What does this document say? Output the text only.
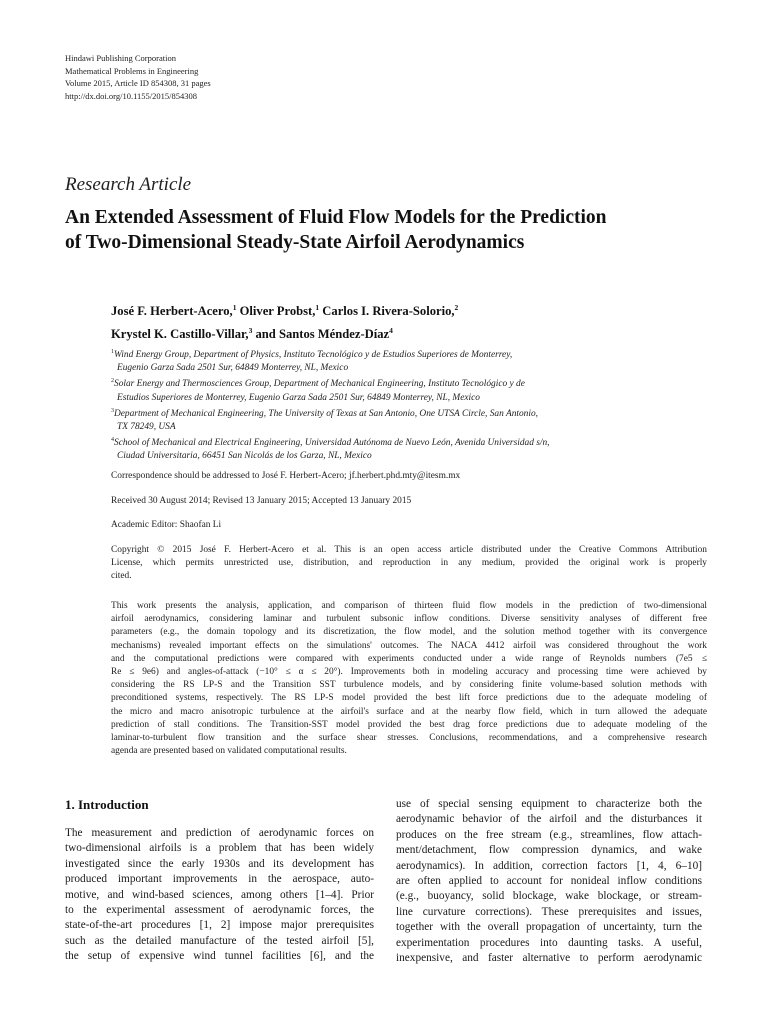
Hindawi Publishing Corporation
Mathematical Problems in Engineering
Volume 2015, Article ID 854308, 31 pages
http://dx.doi.org/10.1155/2015/854308
Research Article
An Extended Assessment of Fluid Flow Models for the Prediction
of Two-Dimensional Steady-State Airfoil Aerodynamics
José F. Herbert-Acero,$^1$ Oliver Probst,$^1$ Carlos I. Rivera-Solorio,$^2$
Krystel K. Castillo-Villar,$^3$ and Santos Méndez-Díaz$^4$
$^1$Wind Energy Group, Department of Physics, Instituto Tecnológico y de Estudios Superiores de Monterrey,
Eugenio Garza Sada 2501 Sur, 64849 Monterrey, NL, Mexico
$^2$Solar Energy and Thermosciences Group, Department of Mechanical Engineering, Instituto Tecnológico y de
Estudios Superiores de Monterrey, Eugenio Garza Sada 2501 Sur, 64849 Monterrey, NL, Mexico
$^3$Department of Mechanical Engineering, The University of Texas at San Antonio, One UTSA Circle, San Antonio,
TX 78249, USA
$^4$School of Mechanical and Electrical Engineering, Universidad Autónoma de Nuevo León, Avenida Universidad s/n,
Ciudad Universitaria, 66451 San Nicolás de los Garza, NL, Mexico
Correspondence should be addressed to José F. Herbert-Acero; jf.herbert.phd.mty@itesm.mx
Received 30 August 2014; Revised 13 January 2015; Accepted 13 January 2015
Academic Editor: Shaofan Li
Copyright © 2015 José F. Herbert-Acero et al. This is an open access article distributed under the Creative Commons Attribution
License, which permits unrestricted use, distribution, and reproduction in any medium, provided the original work is properly
cited.
This work presents the analysis, application, and comparison of thirteen fluid flow models in the prediction of two-dimensional
airfoil aerodynamics, considering laminar and turbulent subsonic inflow conditions. Diverse sensitivity analyses of different free
parameters (e.g., the domain topology and its discretization, the flow model, and the solution method together with its convergence
mechanisms) revealed important effects on the simulations' outcomes. The NACA 4412 airfoil was considered throughout the work
and the computational predictions were compared with experiments conducted under a wide range of Reynolds numbers (7e5 ≤
Re ≤ 9e6) and angles-of-attack (−10° ≤ α ≤ 20°). Improvements both in modeling accuracy and processing time were achieved by
considering the RS LP-S and the Transition SST turbulence models, and by considering finite volume-based solution methods with
preconditioned systems, respectively. The RS LP-S model provided the best lift force predictions due to the adequate modeling of
the micro and macro anisotropic turbulence at the airfoil's surface and at the nearby flow field, which in turn allowed the adequate
prediction of stall conditions. The Transition-SST model provided the best drag force predictions due to adequate modeling of the
laminar-to-turbulent flow transition and the surface shear stresses. Conclusions, recommendations, and a comprehensive research
agenda are presented based on validated computational results.
1. Introduction
The measurement and prediction of aerodynamic forces on
two-dimensional airfoils is a problem that has been widely
investigated since the early 1930s and its development has
produced important improvements in the aerospace, auto-
motive, and wind-based sciences, among others [1–4]. Prior
to the experimental assessment of aerodynamic forces, the
state-of-the-art procedures [1, 2] impose major prerequisites
such as the detailed manufacture of the tested airfoil [5],
the setup of expensive wind tunnel facilities [6], and the
use of special sensing equipment to characterize both the
aerodynamic behavior of the airfoil and the disturbances it
produces on the free stream (e.g., streamlines, flow attach-
ment/detachment, flow compression dynamics, and wake
aerodynamics). In addition, correction factors [1, 4, 6–10]
are often applied to account for nonideal inflow conditions
(e.g., buoyancy, solid blockage, wake blockage, or stream-
line curvature corrections). These prerequisites and issues,
together with the overall propagation of uncertainty, turn the
experimentation procedures into daunting tasks. A useful,
inexpensive, and faster alternative to perform aerodynamic
